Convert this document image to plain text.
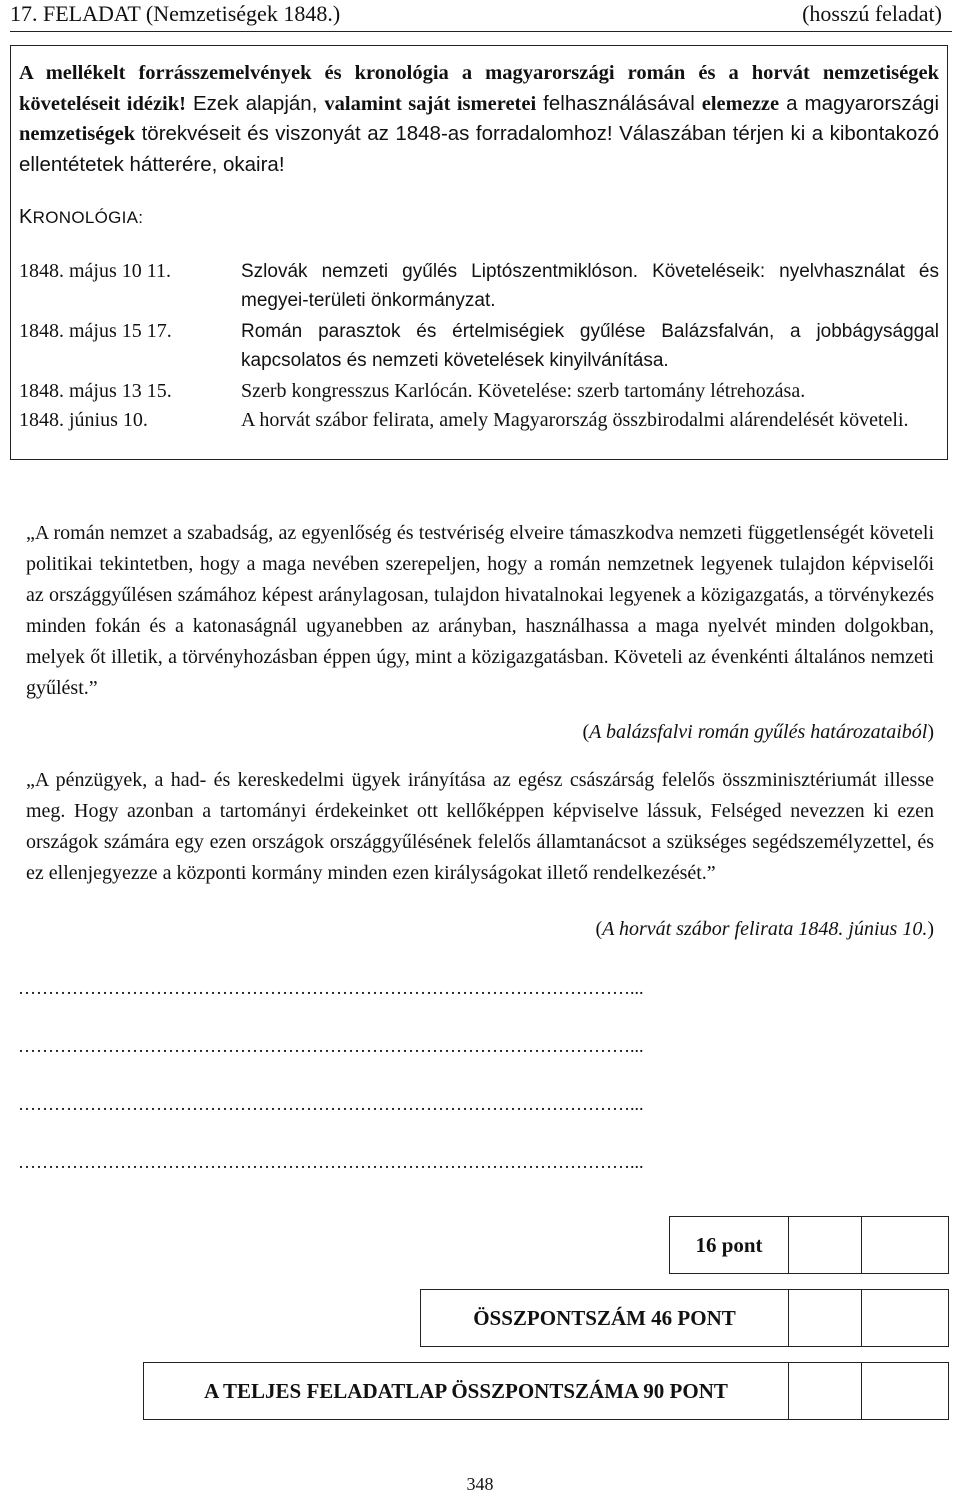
17. FELADAT (Nemzetiségek 1848.)	(hosszú feladat)
A mellékelt forrásszemelvények és kronológia a magyarországi román és a horvát nemzetiségek követeléseit idézik! Ezek alapján, valamint saját ismeretei felhasználásával elemezze a magyarországi nemzetiségek törekvéseit és viszonyát az 1848-as forradalomhoz! Válaszában térjen ki a kibontakozó ellentétetek hátterére, okaira!
KRONOLÓGIA:
1848. május 10 11.	Szlovák nemzeti gyűlés Liptószentmiklóson. Követeléseik: nyelvhasználat és megyei-területi önkormányzat.
1848. május 15 17.	Román parasztok és értelmiségiek gyűlése Balázsfalván, a jobbágysággal kapcsolatos és nemzeti követelések kinyilvánítása.
1848. május 13 15.	Szerb kongresszus Karlócán. Követelése: szerb tartomány létrehozása.
1848. június 10.	A horvát szábor felirata, amely Magyarország összbirodalmi alárendelését követeli.
„A román nemzet a szabadság, az egyenlőség és testvériség elveire támaszkodva nemzeti függetlenségét követeli politikai tekintetben, hogy a maga nevében szerepeljen, hogy a román nemzetnek legyenek tulajdon képviselői az országgyűlésen számához képest aránylagosan, tulajdon hivatalnokai legyenek a közigazgatás, a törvénykezés minden fokán és a katonaságnál ugyanebben az arányban, használhassa a maga nyelvét minden dolgokban, melyek őt illetik, a törvényhozásban éppen úgy, mint a közigazgatásban. Követeli az évenkénti általános nemzeti gyűlést.”
(A balázsfalvi román gyűlés határozataiból)
„A pénzügyek, a had- és kereskedelmi ügyek irányítása az egész császárság felelős összminisztériumát illesse meg. Hogy azonban a tartományi érdekeinket ott kellőképpen képviselve lássuk, Felséged nevezzen ki ezen országok számára egy ezen országok országgyűlésének felelős államtanácsot a szükséges segédszemélyzettel, és ez ellenjegyezze a központi kormány minden ezen királyságokat illető rendelkezését.”
(A horvát szábor felirata 1848. június 10.)
…………………………………………………………………………………………...
…………………………………………………………………………………………...
…………………………………………………………………………………………...
…………………………………………………………………………………………...
16 pont		
ÖSSZPONTSZÁM 46 PONT		
A TELJES FELADATLAP ÖSSZPONTSZÁMA 90 PONT		
348
